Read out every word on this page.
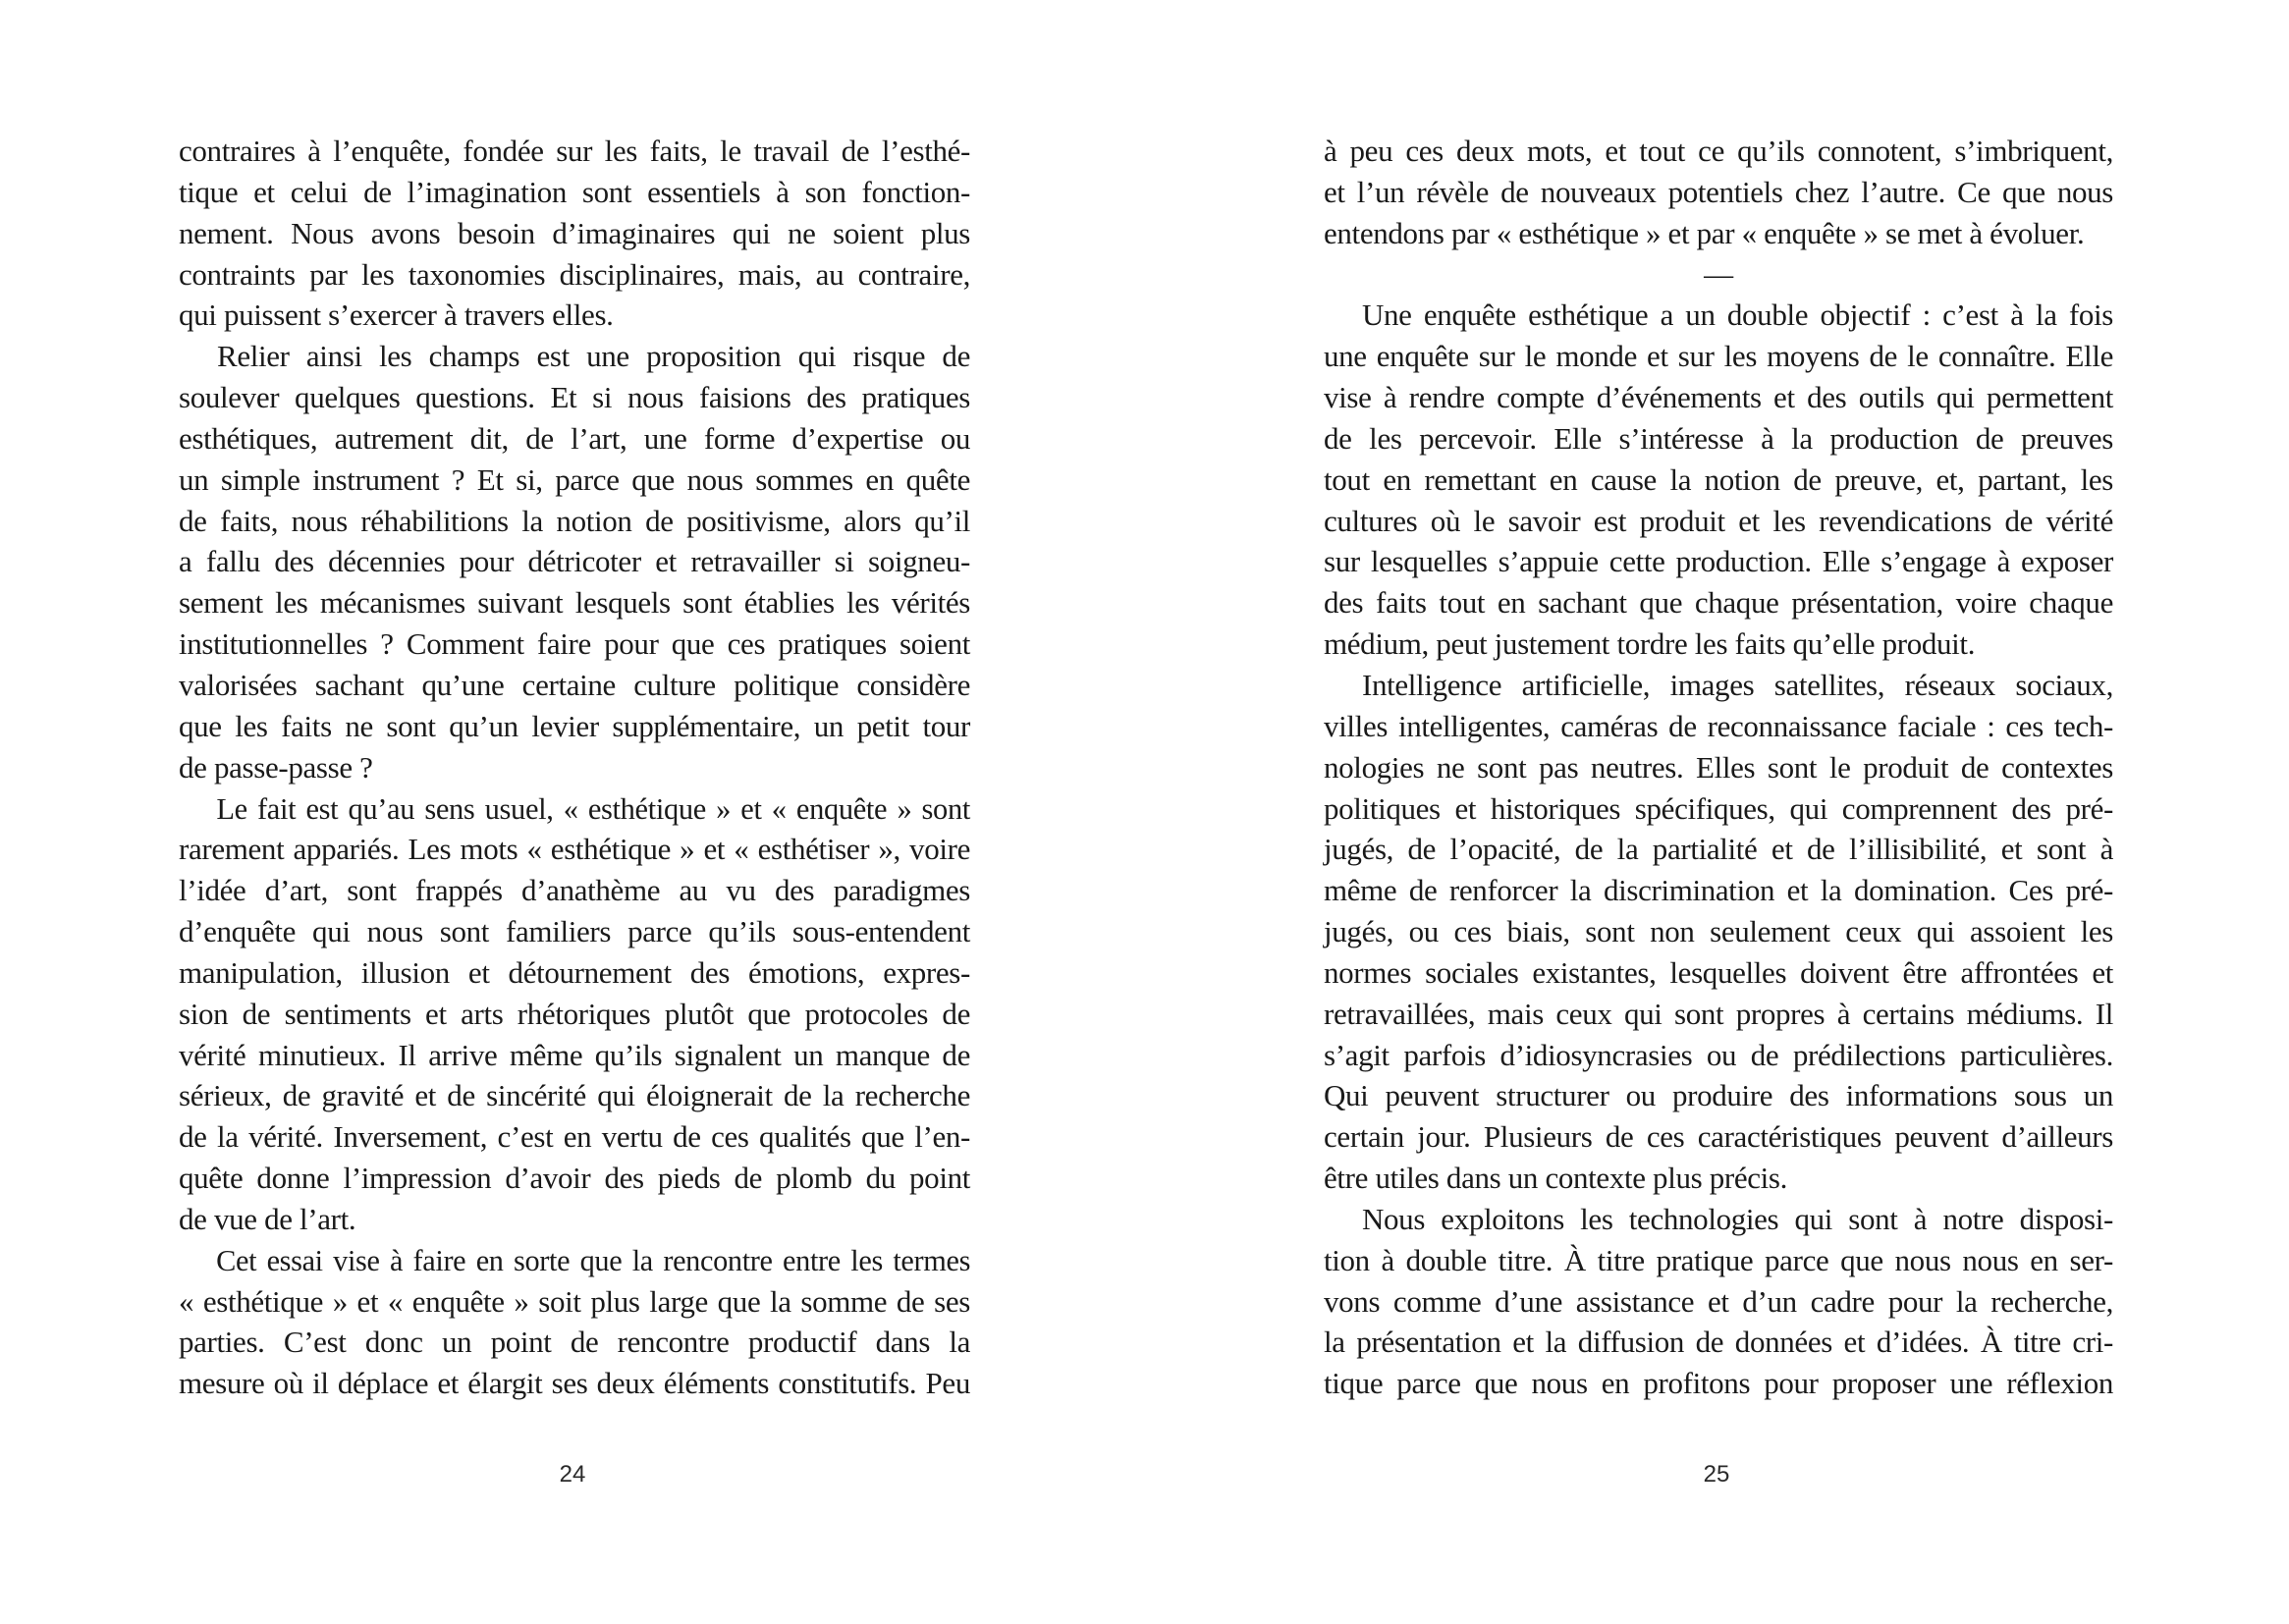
contraires à l’enquête, fondée sur les faits, le travail de l’esthé-
tique et celui de l’imagination sont essentiels à son fonction-
nement. Nous avons besoin d’imaginaires qui ne soient plus
contraints par les taxonomies disciplinaires, mais, au contraire,
qui puissent s’exercer à travers elles.
Relier ainsi les champs est une proposition qui risque de
soulever quelques questions. Et si nous faisions des pratiques
esthétiques, autrement dit, de l’art, une forme d’expertise ou
un simple instrument ? Et si, parce que nous sommes en quête
de faits, nous réhabilitions la notion de positivisme, alors qu’il
a fallu des décennies pour détricoter et retravailler si soigneu-
sement les mécanismes suivant lesquels sont établies les vérités
institutionnelles ? Comment faire pour que ces pratiques soient
valorisées sachant qu’une certaine culture politique considère
que les faits ne sont qu’un levier supplémentaire, un petit tour
de passe-passe ?
Le fait est qu’au sens usuel, « esthétique » et « enquête » sont
rarement appariés. Les mots « esthétique » et « esthétiser », voire
l’idée d’art, sont frappés d’anathème au vu des paradigmes
d’enquête qui nous sont familiers parce qu’ils sous-entendent
manipulation, illusion et détournement des émotions, expres-
sion de sentiments et arts rhétoriques plutôt que protocoles de
vérité minutieux. Il arrive même qu’ils signalent un manque de
sérieux, de gravité et de sincérité qui éloignerait de la recherche
de la vérité. Inversement, c’est en vertu de ces qualités que l’en-
quête donne l’impression d’avoir des pieds de plomb du point
de vue de l’art.
Cet essai vise à faire en sorte que la rencontre entre les termes
« esthétique » et « enquête » soit plus large que la somme de ses
parties. C’est donc un point de rencontre productif dans la
mesure où il déplace et élargit ses deux éléments constitutifs. Peu
24
à peu ces deux mots, et tout ce qu’ils connotent, s’imbriquent,
et l’un révèle de nouveaux potentiels chez l’autre. Ce que nous
entendons par « esthétique » et par « enquête » se met à évoluer.
—
Une enquête esthétique a un double objectif : c’est à la fois
une enquête sur le monde et sur les moyens de le connaître. Elle
vise à rendre compte d’événements et des outils qui permettent
de les percevoir. Elle s’intéresse à la production de preuves
tout en remettant en cause la notion de preuve, et, partant, les
cultures où le savoir est produit et les revendications de vérité
sur lesquelles s’appuie cette production. Elle s’engage à exposer
des faits tout en sachant que chaque présentation, voire chaque
médium, peut justement tordre les faits qu’elle produit.
Intelligence artificielle, images satellites, réseaux sociaux,
villes intelligentes, caméras de reconnaissance faciale : ces tech-
nologies ne sont pas neutres. Elles sont le produit de contextes
politiques et historiques spécifiques, qui comprennent des pré-
jugés, de l’opacité, de la partialité et de l’illisibilité, et sont à
même de renforcer la discrimination et la domination. Ces pré-
jugés, ou ces biais, sont non seulement ceux qui assoient les
normes sociales existantes, lesquelles doivent être affrontées et
retravaillées, mais ceux qui sont propres à certains médiums. Il
s’agit parfois d’idiosyncrasies ou de prédilections particulières.
Qui peuvent structurer ou produire des informations sous un
certain jour. Plusieurs de ces caractéristiques peuvent d’ailleurs
être utiles dans un contexte plus précis.
Nous exploitons les technologies qui sont à notre disposi-
tion à double titre. À titre pratique parce que nous nous en ser-
vons comme d’une assistance et d’un cadre pour la recherche,
la présentation et la diffusion de données et d’idées. À titre cri-
tique parce que nous en profitons pour proposer une réflexion
25
